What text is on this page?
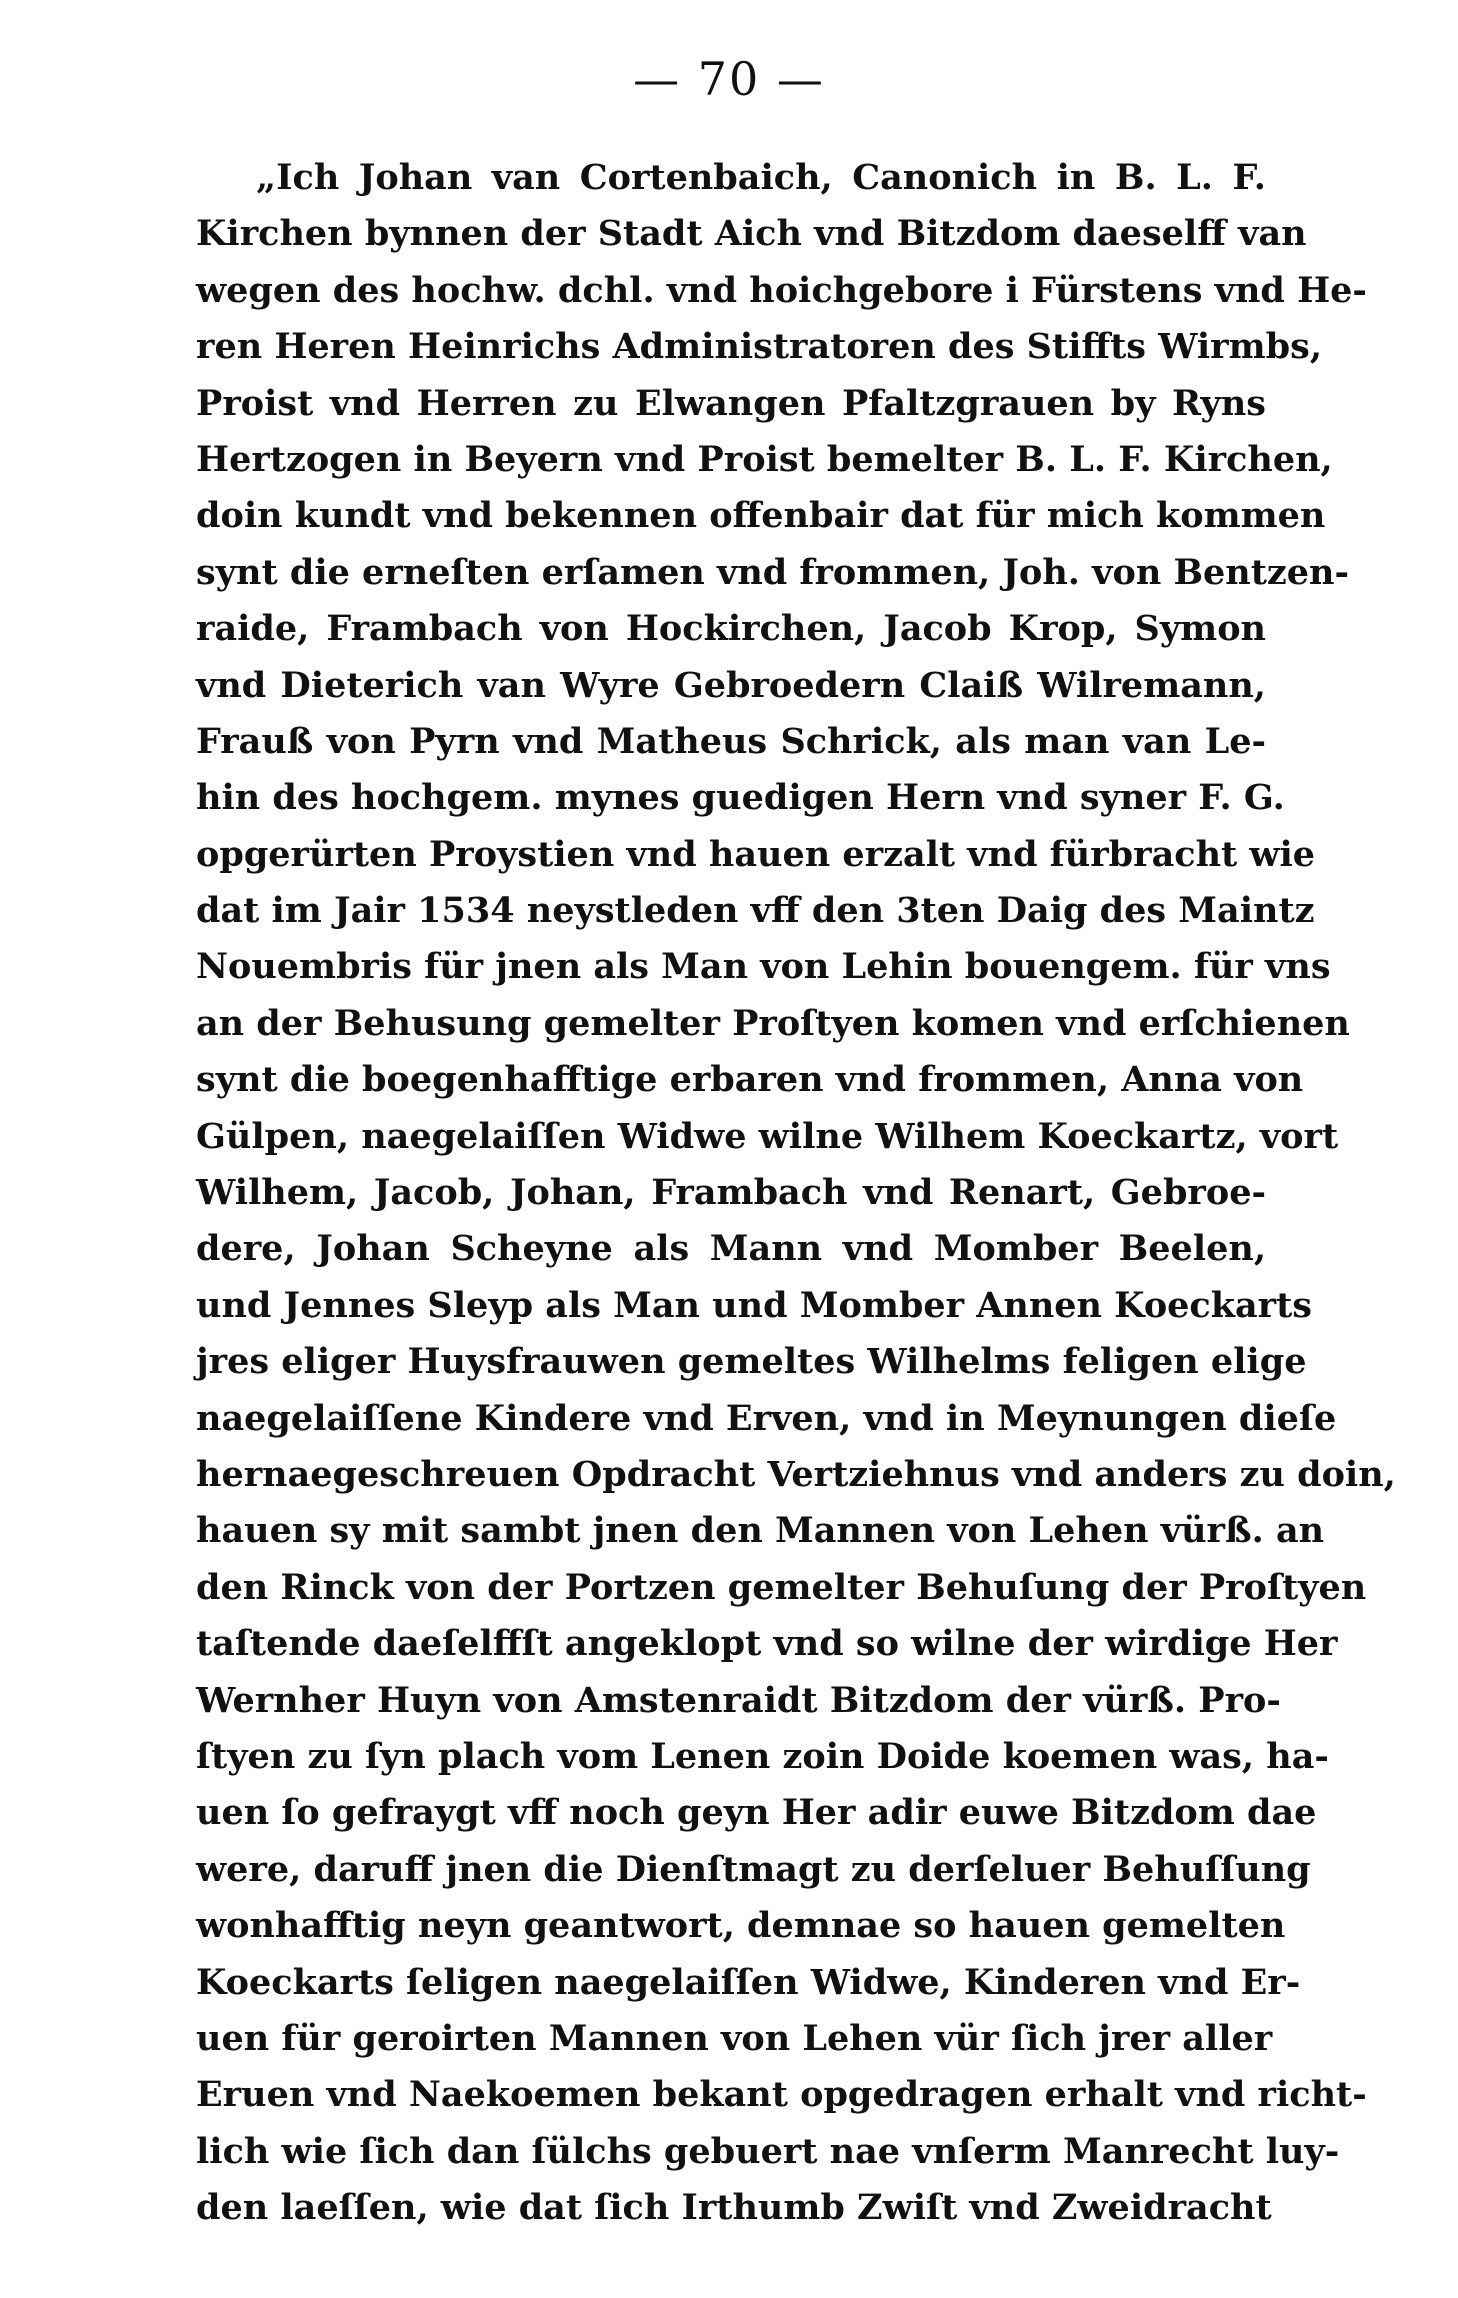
— 70 —
„Ich Johan van Cortenbaich, Canonich in B. L. F.
Kirchen bynnen der Stadt Aich vnd Bitzdom daeselff van
wegen des hochw. dchl. vnd hoichgebore i Fürstens vnd He-
ren Heren Heinrichs Administratoren des Stiffts Wirmbs,
Proist vnd Herren zu Elwangen Pfaltzgrauen by Ryns
Hertzogen in Beyern vnd Proist bemelter B. L. F. Kirchen,
doin kundt vnd bekennen offenbair dat für mich kommen
synt die erneſten erſamen vnd frommen, Joh. von Bentzen-
raide, Frambach von Hockirchen, Jacob Krop, Symon
vnd Dieterich van Wyre Gebroedern Claiß Wilremann,
Frauß von Pyrn vnd Matheus Schrick, als man van Le-
hin des hochgem. mynes guedigen Hern vnd syner F. G.
opgerürten Proystien vnd hauen erzalt vnd fürbracht wie
dat im Jair 1534 neystleden vff den 3ten Daig des Maintz
Nouembris für jnen als Man von Lehin bouengem. für vns
an der Behusung gemelter Proſtyen komen vnd erſchienen
synt die boegenhafftige erbaren vnd frommen, Anna von
Gülpen, naegelaiſſen Widwe wilne Wilhem Koeckartz, vort
Wilhem, Jacob, Johan, Frambach vnd Renart, Gebroe-
dere, Johan Scheyne als Mann vnd Momber Beelen,
und Jennes Sleyp als Man und Momber Annen Koeckarts
jres eliger Huysfrauwen gemeltes Wilhelms feligen elige
naegelaiſſene Kindere vnd Erven, vnd in Meynungen dieſe
hernaegeschreuen Opdracht Vertziehnus vnd anders zu doin,
hauen sy mit sambt jnen den Mannen von Lehen vürß. an
den Rinck von der Portzen gemelter Behuſung der Proſtyen
taſtende daeſelffſt angeklopt vnd so wilne der wirdige Her
Wernher Huyn von Amstenraidt Bitzdom der vürß. Pro-
ſtyen zu ſyn plach vom Lenen zoin Doide koemen was, ha-
uen ſo gefraygt vff noch geyn Her adir euwe Bitzdom dae
were, daruff jnen die Dienſtmagt zu derſeluer Behuſſung
wonhafftig neyn geantwort, demnae so hauen gemelten
Koeckarts ſeligen naegelaiſſen Widwe, Kinderen vnd Er-
uen für geroirten Mannen von Lehen vür ſich jrer aller
Eruen vnd Naekoemen bekant opgedragen erhalt vnd richt-
lich wie ſich dan ſülchs gebuert nae vnſerm Manrecht luy-
den laeſſen, wie dat ſich Irthumb Zwiſt vnd Zweidracht
